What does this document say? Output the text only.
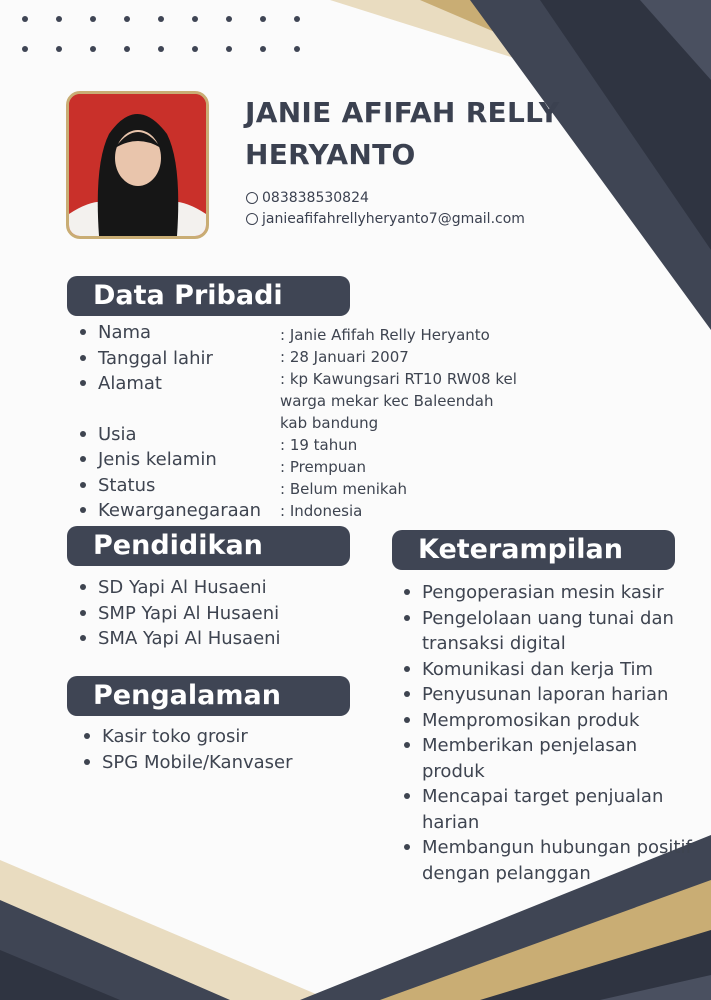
JANIE AFIFAH RELLY HERYANTO
083838530824
janieafifahrellyheryanto7@gmail.com
Data Pribadi
Nama
Tanggal lahir
Alamat
Usia
Jenis kelamin
Status
Kewarganegaraan
: Janie Afifah Relly Heryanto
: 28 Januari 2007
: kp Kawungsari RT10 RW08 kel warga mekar kec Baleendah kab bandung
: 19 tahun
: Prempuan
: Belum menikah
: Indonesia
Pendidikan
SD Yapi Al Husaeni
SMP Yapi Al Husaeni
SMA Yapi Al Husaeni
Pengalaman
Kasir toko grosir
SPG Mobile/Kanvaser
Keterampilan
Pengoperasian mesin kasir
Pengelolaan uang tunai dan transaksi digital
Komunikasi dan kerja Tim
Penyusunan laporan harian
Mempromosikan produk
Memberikan penjelasan produk
Mencapai target penjualan harian
Membangun hubungan positif dengan pelanggan
